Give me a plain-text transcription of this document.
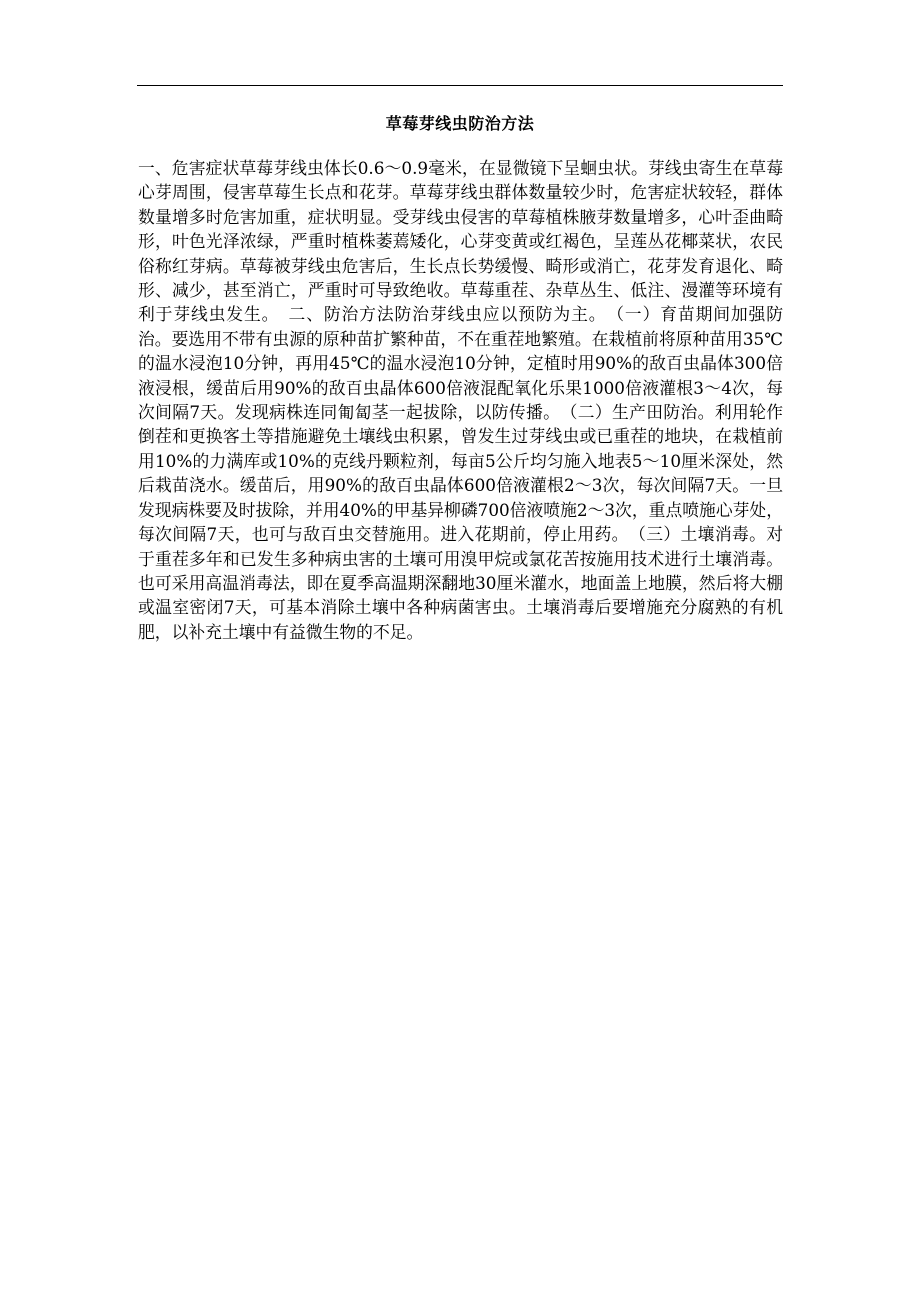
草莓芽线虫防治方法
一、危害症状草莓芽线虫体长0.6～0.9毫米，在显微镜下呈蛔虫状。芽线虫寄生在草莓心芽周围，侵害草莓生长点和花芽。草莓芽线虫群体数量较少时，危害症状较轻，群体数量增多时危害加重，症状明显。受芽线虫侵害的草莓植株腋芽数量增多，心叶歪曲畸形，叶色光泽浓绿，严重时植株萎蔫矮化，心芽变黄或红褐色，呈莲丛花椰菜状，农民俗称红芽病。草莓被芽线虫危害后，生长点长势缓慢、畸形或消亡，花芽发育退化、畸形、减少，甚至消亡，严重时可导致绝收。草莓重茬、杂草丛生、低注、漫灌等环境有利于芽线虫发生。　二、防治方法防治芽线虫应以预防为主。　（一）育苗期间加强防治。要选用不带有虫源的原种苗扩繁种苗，不在重茬地繁殖。在栽植前将原种苗用35℃的温水浸泡10分钟，再用45℃的温水浸泡10分钟，定植时用90%的敌百虫晶体300倍液浸根，缓苗后用90%的敌百虫晶体600倍液混配氧化乐果1000倍液灌根3～4次，每次间隔7天。发现病株连同匍匐茎一起拔除，以防传播。　（二）生产田防治。利用轮作倒茬和更换客土等措施避免土壤线虫积累，曾发生过芽线虫或已重茬的地块，在栽植前用10%的力满库或10%的克线丹颗粒剂，每亩5公斤均匀施入地表5～10厘米深处，然后栽苗浇水。缓苗后，用90%的敌百虫晶体600倍液灌根2～3次，每次间隔7天。一旦发现病株要及时拔除，并用40%的甲基异柳磷700倍液喷施2～3次，重点喷施心芽处，每次间隔7天，也可与敌百虫交替施用。进入花期前，停止用药。　（三）土壤消毒。对于重茬多年和已发生多种病虫害的土壤可用溴甲烷或氯花苦按施用技术进行土壤消毒。也可采用高温消毒法，即在夏季高温期深翻地30厘米灌水，地面盖上地膜，然后将大棚或温室密闭7天，可基本消除土壤中各种病菌害虫。土壤消毒后要增施充分腐熟的有机肥，以补充土壤中有益微生物的不足。
